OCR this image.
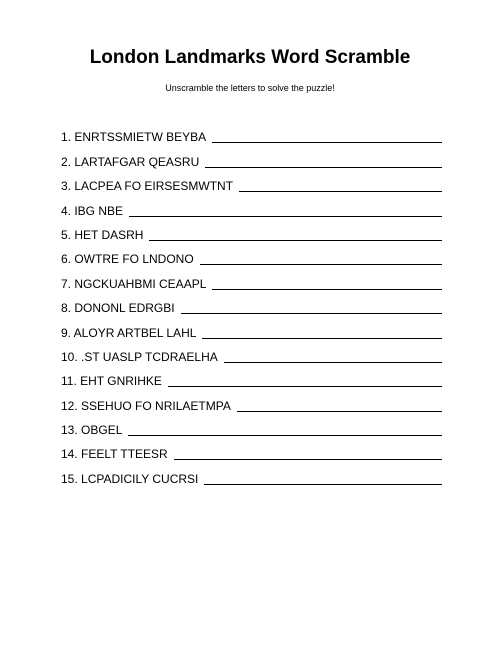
London Landmarks Word Scramble
Unscramble the letters to solve the puzzle!
1. ENRTSSMIETW BEYBA
2. LARTAFGAR QEASRU
3. LACPEA FO EIRSESMWTNT
4. IBG NBE
5. HET DASRH
6. OWTRE FO LNDONO
7. NGCKUAHBMI CEAAPL
8. DONONL EDRGBI
9. ALOYR ARTBEL LAHL
10. .ST UASLP TCDRAELHA
11. EHT GNRIHKE
12. SSEHUO FO NRILAETMPA
13. OBGEL
14. FEELT TTEESR
15. LCPADICILY CUCRSI
